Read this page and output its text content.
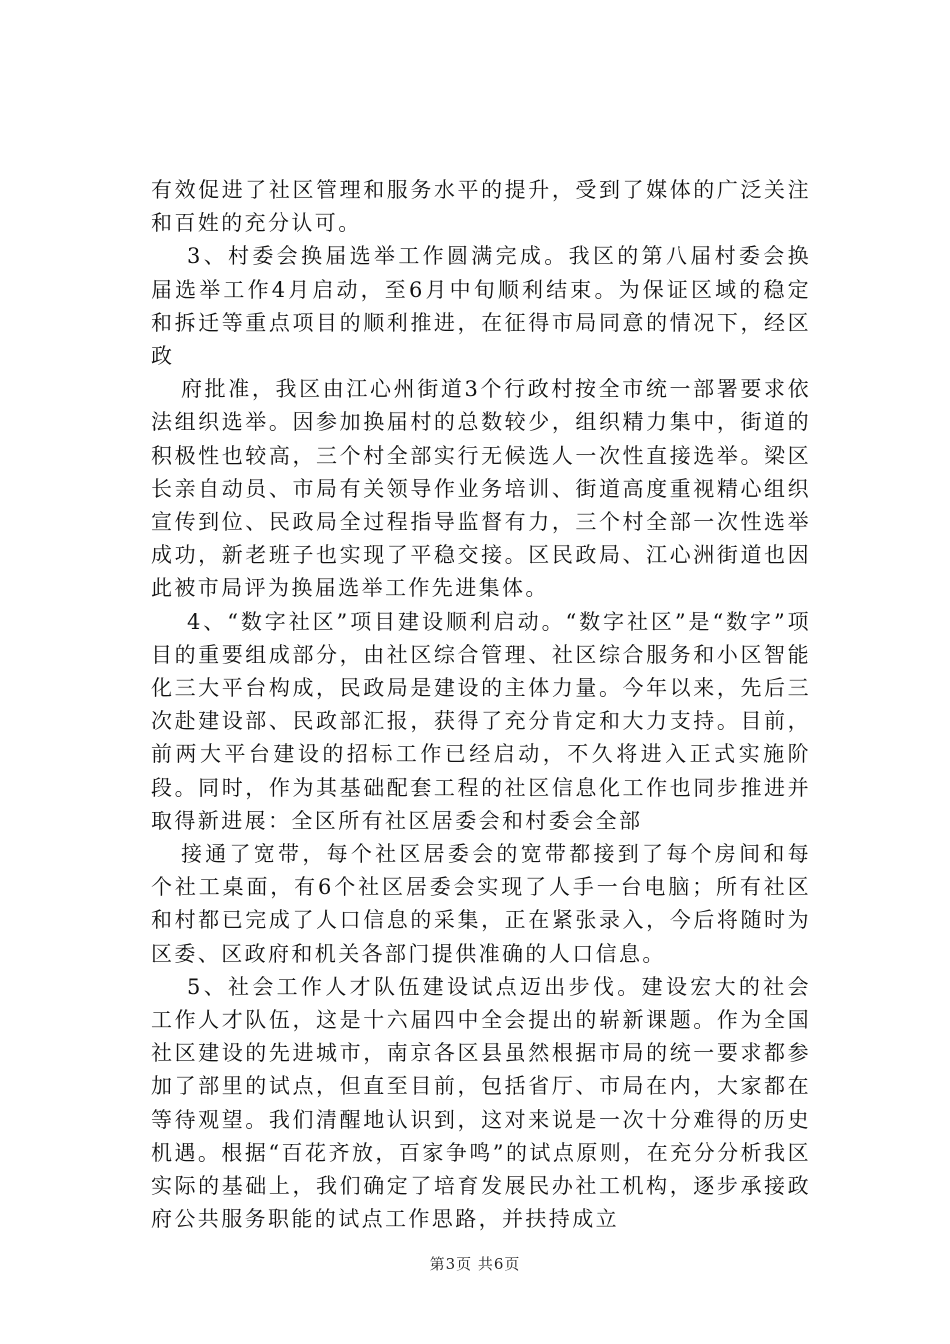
有效促进了社区管理和服务水平的提升，受到了媒体的广泛关注和百姓的充分认可。

3、村委会换届选举工作圆满完成。我区的第八届村委会换届选举工作4月启动，至6月中旬顺利结束。为保证区域的稳定和拆迁等重点项目的顺利推进，在征得市局同意的情况下，经区政

府批准，我区由江心州街道3个行政村按全市统一部署要求依法组织选举。因参加换届村的总数较少，组织精力集中，街道的积极性也较高，三个村全部实行无候选人一次性直接选举。梁区长亲自动员、市局有关领导作业务培训、街道高度重视精心组织宣传到位、民政局全过程指导监督有力，三个村全部一次性选举成功，新老班子也实现了平稳交接。区民政局、江心洲街道也因此被市局评为换届选举工作先进集体。

4、“数字社区”项目建设顺利启动。“数字社区”是“数字”项目的重要组成部分，由社区综合管理、社区综合服务和小区智能化三大平台构成，民政局是建设的主体力量。今年以来，先后三次赴建设部、民政部汇报，获得了充分肯定和大力支持。目前，前两大平台建设的招标工作已经启动，不久将进入正式实施阶段。同时，作为其基础配套工程的社区信息化工作也同步推进并取得新进展：全区所有社区居委会和村委会全部

接通了宽带，每个社区居委会的宽带都接到了每个房间和每个社工桌面，有6个社区居委会实现了人手一台电脑；所有社区和村都已完成了人口信息的采集，正在紧张录入，今后将随时为区委、区政府和机关各部门提供准确的人口信息。

5、社会工作人才队伍建设试点迈出步伐。建设宏大的社会工作人才队伍，这是十六届四中全会提出的崭新课题。作为全国社区建设的先进城市，南京各区县虽然根据市局的统一要求都参加了部里的试点，但直至目前，包括省厅、市局在内，大家都在等待观望。我们清醒地认识到，这对来说是一次十分难得的历史机遇。根据“百花齐放，百家争鸣”的试点原则，在充分分析我区实际的基础上，我们确定了培育发展民办社工机构，逐步承接政府公共服务职能的试点工作思路，并扶持成立

第3页 共6页
